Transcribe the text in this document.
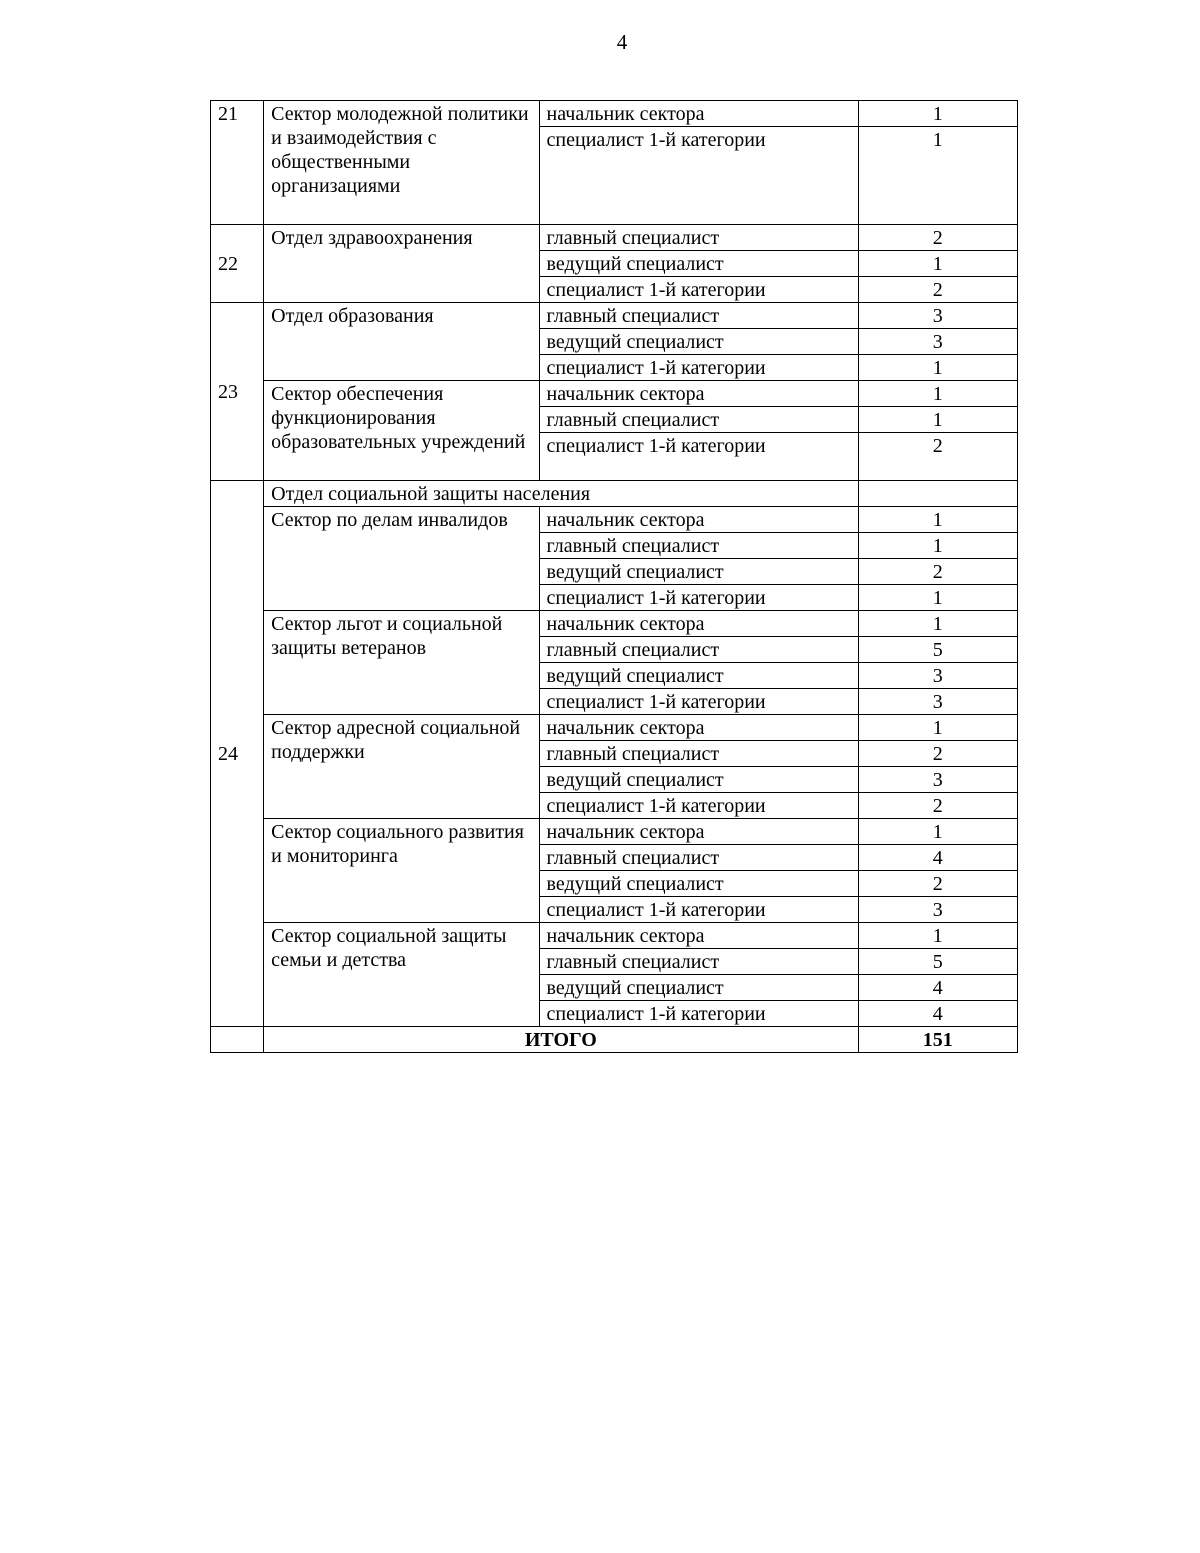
4
21	Сектор молодежной политики и взаимодействия с общественными организациями	начальник сектора	1
		специалист 1-й категории	1
22	Отдел здравоохранения	главный специалист	2
		ведущий специалист	1
		специалист 1-й категории	2
23	Отдел образования	главный специалист	3
		ведущий специалист	3
		специалист 1-й категории	1
	Сектор обеспечения функционирования образовательных учреждений	начальник сектора	1
		главный специалист	1
		специалист 1-й категории	2
24	Отдел социальной защиты населения		
	Сектор по делам инвалидов	начальник сектора	1
		главный специалист	1
		ведущий специалист	2
		специалист 1-й категории	1
	Сектор льгот и социальной защиты ветеранов	начальник сектора	1
		главный специалист	5
		ведущий специалист	3
		специалист 1-й категории	3
	Сектор адресной социальной поддержки	начальник сектора	1
		главный специалист	2
		ведущий специалист	3
		специалист 1-й категории	2
	Сектор социального развития и мониторинга	начальник сектора	1
		главный специалист	4
		ведущий специалист	2
		специалист 1-й категории	3
	Сектор социальной защиты семьи и детства	начальник сектора	1
		главный специалист	5
		ведущий специалист	4
		специалист 1-й категории	4
	ИТОГО		151
